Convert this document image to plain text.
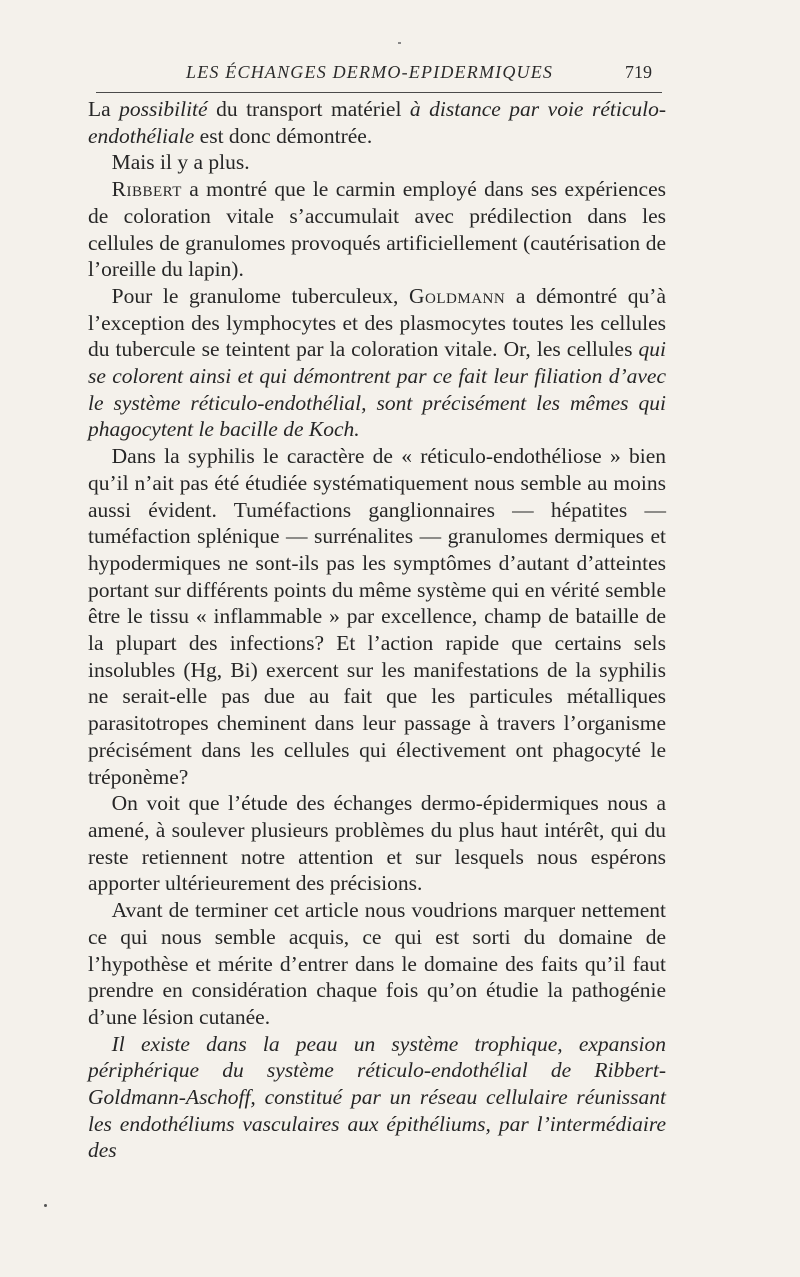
LES ÉCHANGES DERMO-EPIDERMIQUES	719

La possibilité du transport matériel à distance par voie réticulo-endothéliale est donc démontrée.

Mais il y a plus.

Ribbert a montré que le carmin employé dans ses expériences de coloration vitale s’accumulait avec prédilection dans les cellules de granulomes provoqués artificiellement (cautérisation de l’oreille du lapin).

Pour le granulome tuberculeux, Goldmann a démontré qu’à l’exception des lymphocytes et des plasmocytes toutes les cellules du tubercule se teintent par la coloration vitale. Or, les cellules qui se colorent ainsi et qui démontrent par ce fait leur filiation d’avec le système réticulo-endothélial, sont précisément les mêmes qui phagocytent le bacille de Koch.

Dans la syphilis le caractère de « réticulo-endothéliose » bien qu’il n’ait pas été étudiée systématiquement nous semble au moins aussi évident. Tuméfactions ganglionnaires — hépatites — tuméfaction splénique — surrénalites — granulomes dermiques et hypodermiques ne sont-ils pas les symptômes d’autant d’atteintes portant sur différents points du même système qui en vérité semble être le tissu « inflammable » par excellence, champ de bataille de la plupart des infections? Et l’action rapide que certains sels insolubles (Hg, Bi) exercent sur les manifestations de la syphilis ne serait-elle pas due au fait que les particules métalliques parasitotropes cheminent dans leur passage à travers l’organisme précisément dans les cellules qui électivement ont phagocyté le tréponème?

On voit que l’étude des échanges dermo-épidermiques nous a amené, à soulever plusieurs problèmes du plus haut intérêt, qui du reste retiennent notre attention et sur lesquels nous espérons apporter ultérieurement des précisions.

Avant de terminer cet article nous voudrions marquer nettement ce qui nous semble acquis, ce qui est sorti du domaine de l’hypothèse et mérite d’entrer dans le domaine des faits qu’il faut prendre en considération chaque fois qu’on étudie la pathogénie d’une lésion cutanée.

Il existe dans la peau un système trophique, expansion périphérique du système réticulo-endothélial de Ribbert-Goldmann-Aschoff, constitué par un réseau cellulaire réunissant les endothéliums vasculaires aux épithéliums, par l’intermédiaire des
